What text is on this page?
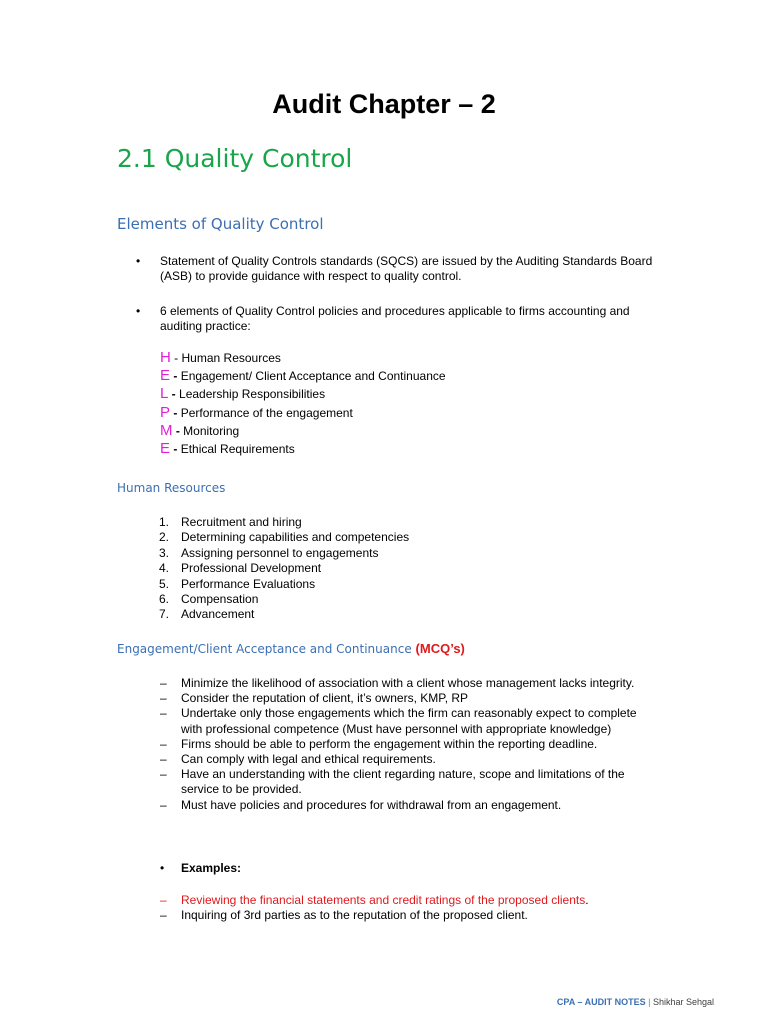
Audit Chapter – 2
2.1 Quality Control
Elements of Quality Control
• Statement of Quality Controls standards (SQCS) are issued by the Auditing Standards Board (ASB) to provide guidance with respect to quality control.
• 6 elements of Quality Control policies and procedures applicable to firms accounting and auditing practice:
H - Human Resources
E - Engagement/ Client Acceptance and Continuance
L - Leadership Responsibilities
P - Performance of the engagement
M - Monitoring
E - Ethical Requirements
Human Resources
1. Recruitment and hiring
2. Determining capabilities and competencies
3. Assigning personnel to engagements
4. Professional Development
5. Performance Evaluations
6. Compensation
7. Advancement
Engagement/Client Acceptance and Continuance (MCQ’s)
– Minimize the likelihood of association with a client whose management lacks integrity.
– Consider the reputation of client, it’s owners, KMP, RP
– Undertake only those engagements which the firm can reasonably expect to complete with professional competence (Must have personnel with appropriate knowledge)
– Firms should be able to perform the engagement within the reporting deadline.
– Can comply with legal and ethical requirements.
– Have an understanding with the client regarding nature, scope and limitations of the service to be provided.
– Must have policies and procedures for withdrawal from an engagement.
• Examples:
– Reviewing the financial statements and credit ratings of the proposed clients.
– Inquiring of 3rd parties as to the reputation of the proposed client.
CPA – AUDIT NOTES | Shikhar Sehgal
